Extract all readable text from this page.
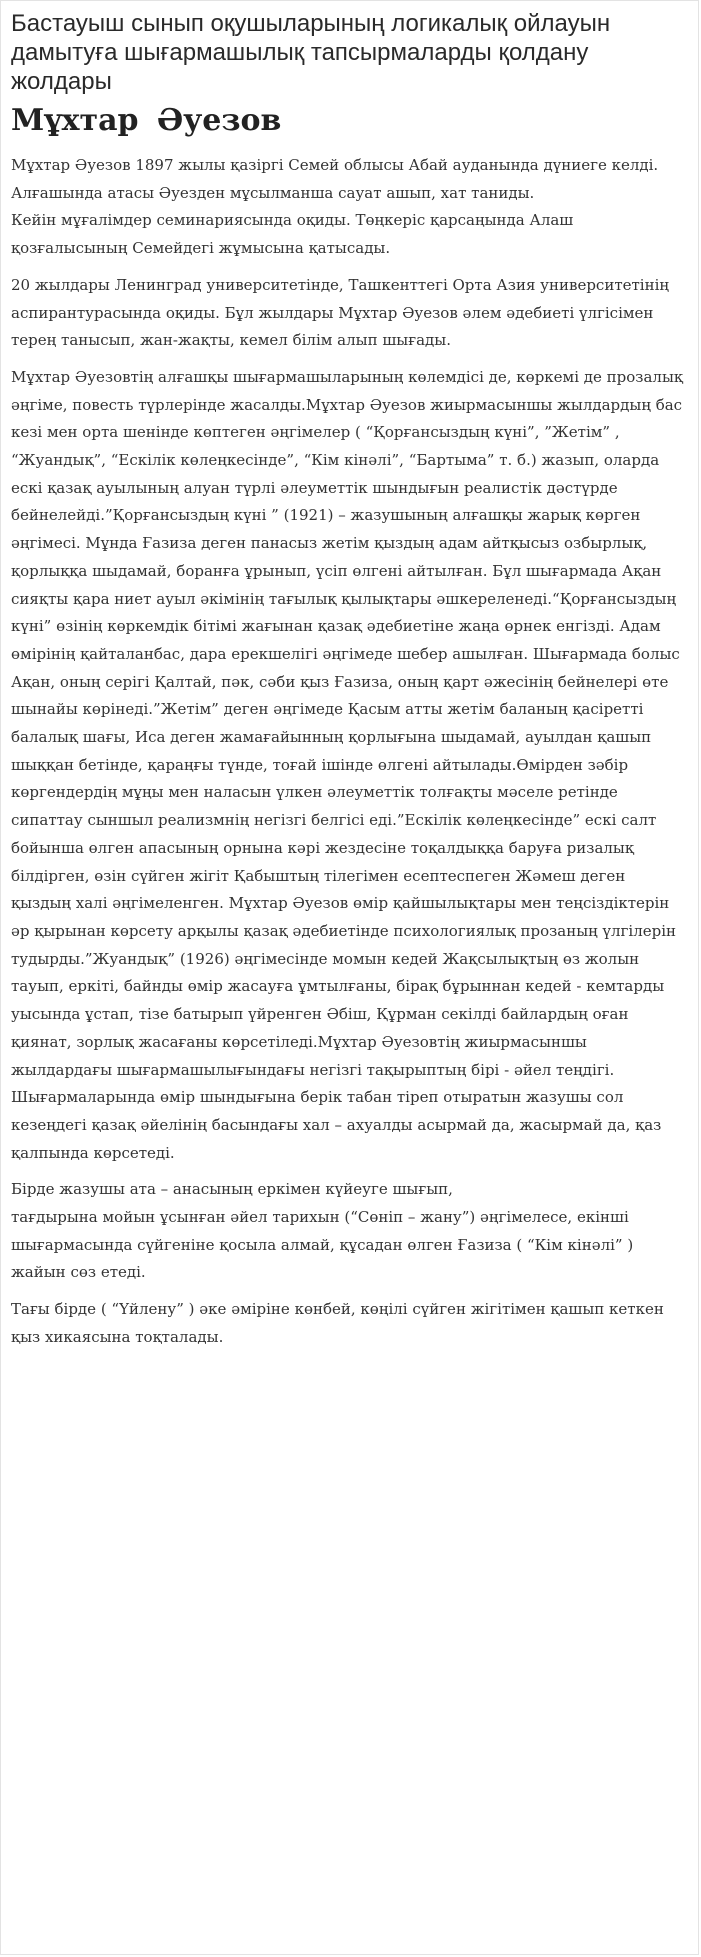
Бастауыш сынып оқушыларының логикалық ойлауын дамытуға шығармашылық тапсырмаларды қолдану жолдары
Мұхтар Әуезов

Мұхтар Әуезов 1897 жылы қазіргі Семей облысы Абай ауданында дүниеге келді. Алғашында атасы Әуезден мұсылманша сауат ашып, хат таниды.
Кейін мұғалімдер семинариясында оқиды. Төңкеріс қарсаңында Алаш қозғалысының Семейдегі жұмысына қатысады.

20 жылдары Ленинград университетінде, Ташкенттегі Орта Азия университетінің аспирантурасында оқиды. Бұл жылдары Мұхтар Әуезов әлем әдебиеті үлгісімен терең танысып, жан-жақты, кемел білім алып шығады.

Мұхтар Әуезовтің алғашқы шығармашыларының көлемдісі де, көркемі де прозалық әңгіме, повесть түрлерінде жасалды.Мұхтар Әуезов жиырмасыншы жылдардың бас кезі мен орта шенінде көптеген әңгімелер ( “Қорғансыздың күні”, ”Жетім” , “Жуандық”, “Ескілік көлеңкесінде”, “Кім кінәлі”, “Бартыма” т. б.) жазып, оларда ескі қазақ ауылының алуан түрлі әлеуметтік шындығын реалистік дәстүрде бейнелейді.”Қорғансыздың күні ” (1921) – жазушының алғашқы жарық көрген әңгімесі. Мұнда Ғазиза деген панасыз жетім қыздың адам айтқысыз озбырлық, қорлыққа шыдамай, боранға ұрынып, үсіп өлгені айтылған. Бұл шығармада Ақан сияқты қара ниет ауыл әкімінің тағылық қылықтары әшкереленеді.“Қорғансыздың күні” өзінің көркемдік бітімі жағынан қазақ әдебиетіне жаңа өрнек енгізді. Адам өмірінің қайталанбас, дара ерекшелігі әңгімеде шебер ашылған. Шығармада болыс Ақан, оның серігі Қалтай, пәк, сәби қыз Ғазиза, оның қарт әжесінің бейнелері өте шынайы көрінеді.”Жетім” деген әңгімеде Қасым атты жетім баланың қасіретті балалық шағы, Иса деген жамағайынның қорлығына шыдамай, ауылдан қашып шыққан бетінде, қараңғы түнде, тоғай ішінде өлгені айтылады.Өмірден зәбір көргендердің мұңы мен наласын үлкен әлеуметтік толғақты мәселе ретінде сипаттау сыншыл реализмнің негізгі белгісі еді.”Ескілік көлеңкесінде” ескі салт бойынша өлген апасының орнына кәрі жездесіне тоқалдыққа баруға ризалық білдірген, өзін сүйген жігіт Қабыштың тілегімен есептеспеген Жәмеш деген қыздың халі әңгімеленген. Мұхтар Әуезов өмір қайшылықтары мен теңсіздіктерін әр қырынан көрсету арқылы қазақ әдебиетінде психологиялық прозаның үлгілерін тудырды.”Жуандық” (1926) әңгімесінде момын кедей Жақсылықтың өз жолын тауып, еркіті, байнды өмір жасауға ұмтылғаны, бірақ бұрыннан кедей - кемтарды уысында ұстап, тізе батырып үйренген Әбіш, Құрман секілді байлардың оған қиянат, зорлық жасағаны көрсетіледі.Мұхтар Әуезовтің жиырмасыншы жылдардағы шығармашылығындағы негізгі тақырыптың бірі - әйел теңдігі. Шығармаларында өмір шындығына берік табан тіреп отыратын жазушы сол кезеңдегі қазақ әйелінің басындағы хал – ахуалды асырмай да, жасырмай да, қаз қалпында көрсетеді.

Бірде жазушы ата – анасының еркімен күйеуге шығып,
тағдырына мойын ұсынған әйел тарихын (“Сөніп – жану”) әңгімелесе, екінші шығармасында сүйгеніне қосыла алмай, құсадан өлген Ғазиза ( “Кім кінәлі” ) жайын сөз етеді.

Тағы бірде ( “Үйлену” ) әке әміріне көнбей, көңілі сүйген жігітімен қашып кеткен қыз хикаясына тоқталады.
